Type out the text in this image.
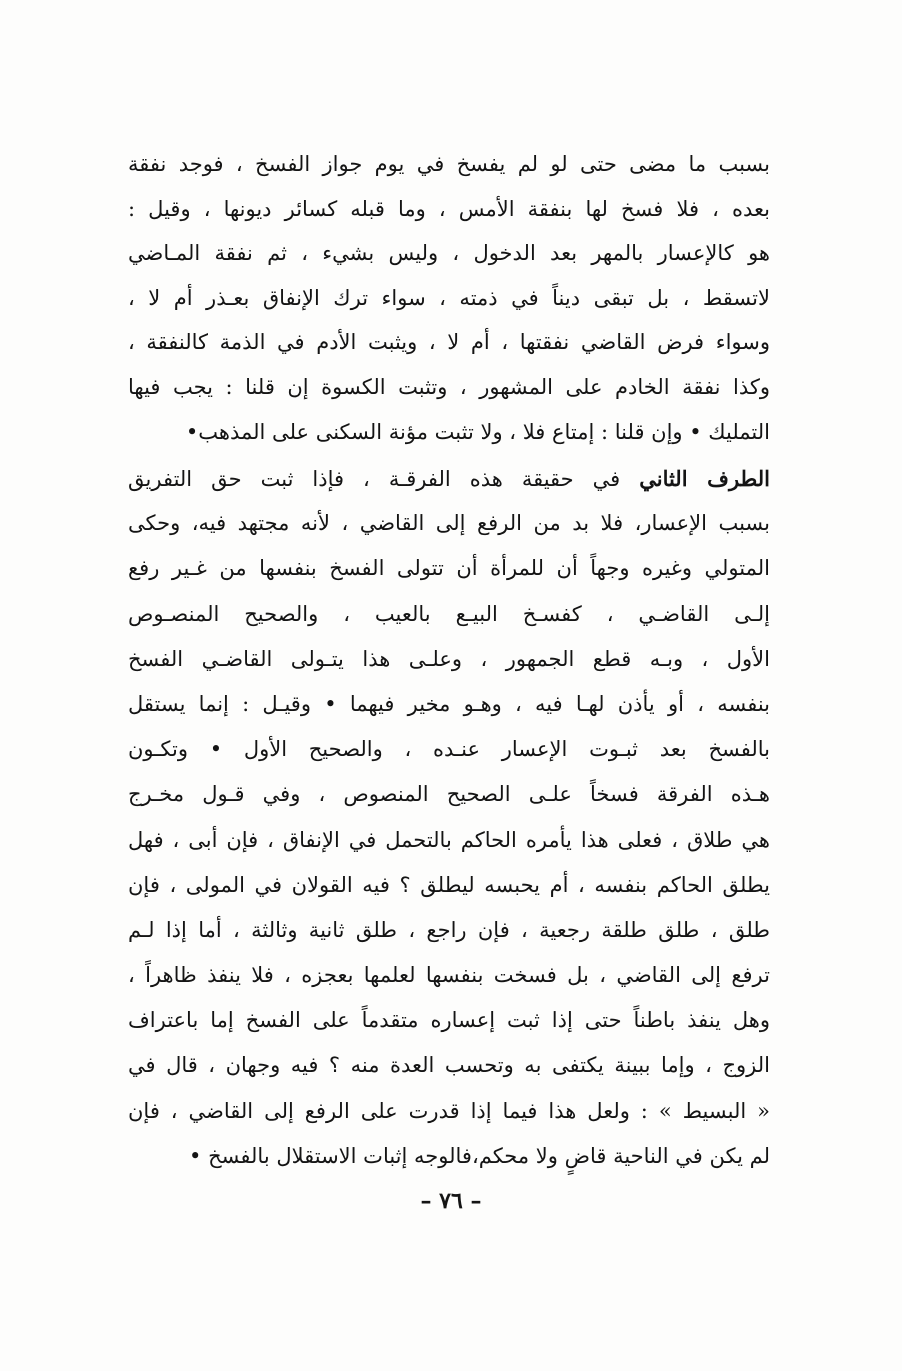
بسبب ما مضى حتى لو لم يفسخ في يوم جواز الفسخ ، فوجد نفقة
بعده ، فلا فسخ لها بنفقة الأمس ، وما قبله كسائر ديونها ، وقيل :
هو كالإعسار بالمهر بعد الدخول ، وليس بشيء ، ثم نفقة المـاضي
لاتسقط ، بل تبقى ديناً في ذمته ، سواء ترك الإنفاق بعـذر أم لا ،
وسواء فرض القاضي نفقتها ، أم لا ، ويثبت الأدم في الذمة كالنفقة ،
وكذا نفقة الخادم على المشهور ، وتثبت الكسوة إن قلنا : يجب فيها
التمليك • وإن قلنا : إمتاع فلا ، ولا تثبت مؤنة السكنى على المذهب•
الطرف الثاني في حقيقة هذه الفرقـة ، فإذا ثبت حق التفريق
بسبب الإعسار، فلا بد من الرفع إلى القاضي ، لأنه مجتهد فيه، وحكى
المتولي وغيره وجهاً أن للمرأة أن تتولى الفسخ بنفسها من غـير رفع
إلـى القاضـي ، كفسـخ البيـع بالعيب ، والصحيح المنصـوص
الأول ، وبـه قطع الجمهور ، وعلـى هذا يتـولى القاضـي الفسخ
بنفسه ، أو يأذن لهـا فيه ، وهـو مخير فيهما • وقيـل : إنما يستقل
بالفسخ بعد ثبـوت الإعسار عنـده ، والصحيح الأول • وتكـون
هـذه الفرقة فسخاً علـى الصحيح المنصوص ، وفي قـول مخـرج
هي طلاق ، فعلى هذا يأمره الحاكم بالتحمل في الإنفاق ، فإن أبى ، فهل
يطلق الحاكم بنفسه ، أم يحبسه ليطلق ؟ فيه القولان في المولى ، فإن
طلق ، طلق طلقة رجعية ، فإن راجع ، طلق ثانية وثالثة ، أما إذا لـم
ترفع إلى القاضي ، بل فسخت بنفسها لعلمها بعجزه ، فلا ينفذ ظاهراً ،
وهل ينفذ باطناً حتى إذا ثبت إعساره متقدماً على الفسخ إما باعتراف
الزوج ، وإما ببينة يكتفى به وتحسب العدة منه ؟ فيه وجهان ، قال في
« البسيط » : ولعل هذا فيما إذا قدرت على الرفع إلى القاضي ، فإن
لم يكن في الناحية قاضٍ ولا محكم،فالوجه إثبات الاستقلال بالفسخ •
– ٧٦ –
